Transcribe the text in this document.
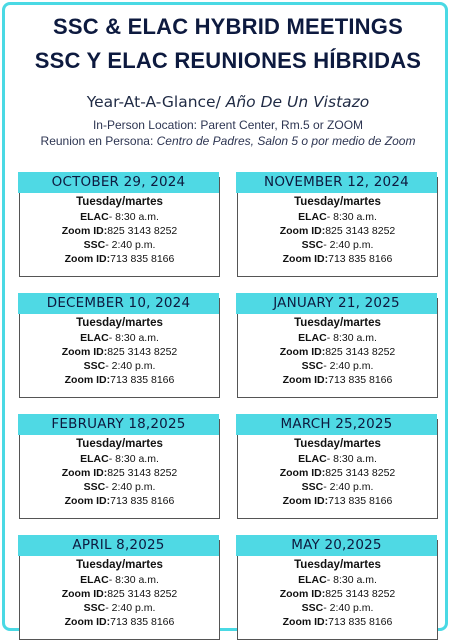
SSC & ELAC HYBRID MEETINGS
SSC Y ELAC REUNIONES HÍBRIDAS
Year-At-A-Glance/ Año De Un Vistazo
In-Person Location: Parent Center, Rm.5 or ZOOM
Reunion en Persona: Centro de Padres, Salon 5 o por medio de Zoom
OCTOBER 29, 2024
Tuesday/martes
ELAC- 8:30 a.m.
Zoom ID:825 3143 8252
SSC- 2:40 p.m.
Zoom ID:713 835 8166
NOVEMBER 12, 2024
Tuesday/martes
ELAC- 8:30 a.m.
Zoom ID:825 3143 8252
SSC- 2:40 p.m.
Zoom ID:713 835 8166
DECEMBER 10, 2024
Tuesday/martes
ELAC- 8:30 a.m.
Zoom ID:825 3143 8252
SSC- 2:40 p.m.
Zoom ID:713 835 8166
JANUARY 21, 2025
Tuesday/martes
ELAC- 8:30 a.m.
Zoom ID:825 3143 8252
SSC- 2:40 p.m.
Zoom ID:713 835 8166
FEBRUARY 18,2025
Tuesday/martes
ELAC- 8:30 a.m.
Zoom ID:825 3143 8252
SSC- 2:40 p.m.
Zoom ID:713 835 8166
MARCH 25,2025
Tuesday/martes
ELAC- 8:30 a.m.
Zoom ID:825 3143 8252
SSC- 2:40 p.m.
Zoom ID:713 835 8166
APRIL 8,2025
Tuesday/martes
ELAC- 8:30 a.m.
Zoom ID:825 3143 8252
SSC- 2:40 p.m.
Zoom ID:713 835 8166
MAY 20,2025
Tuesday/martes
ELAC- 8:30 a.m.
Zoom ID:825 3143 8252
SSC- 2:40 p.m.
Zoom ID:713 835 8166
